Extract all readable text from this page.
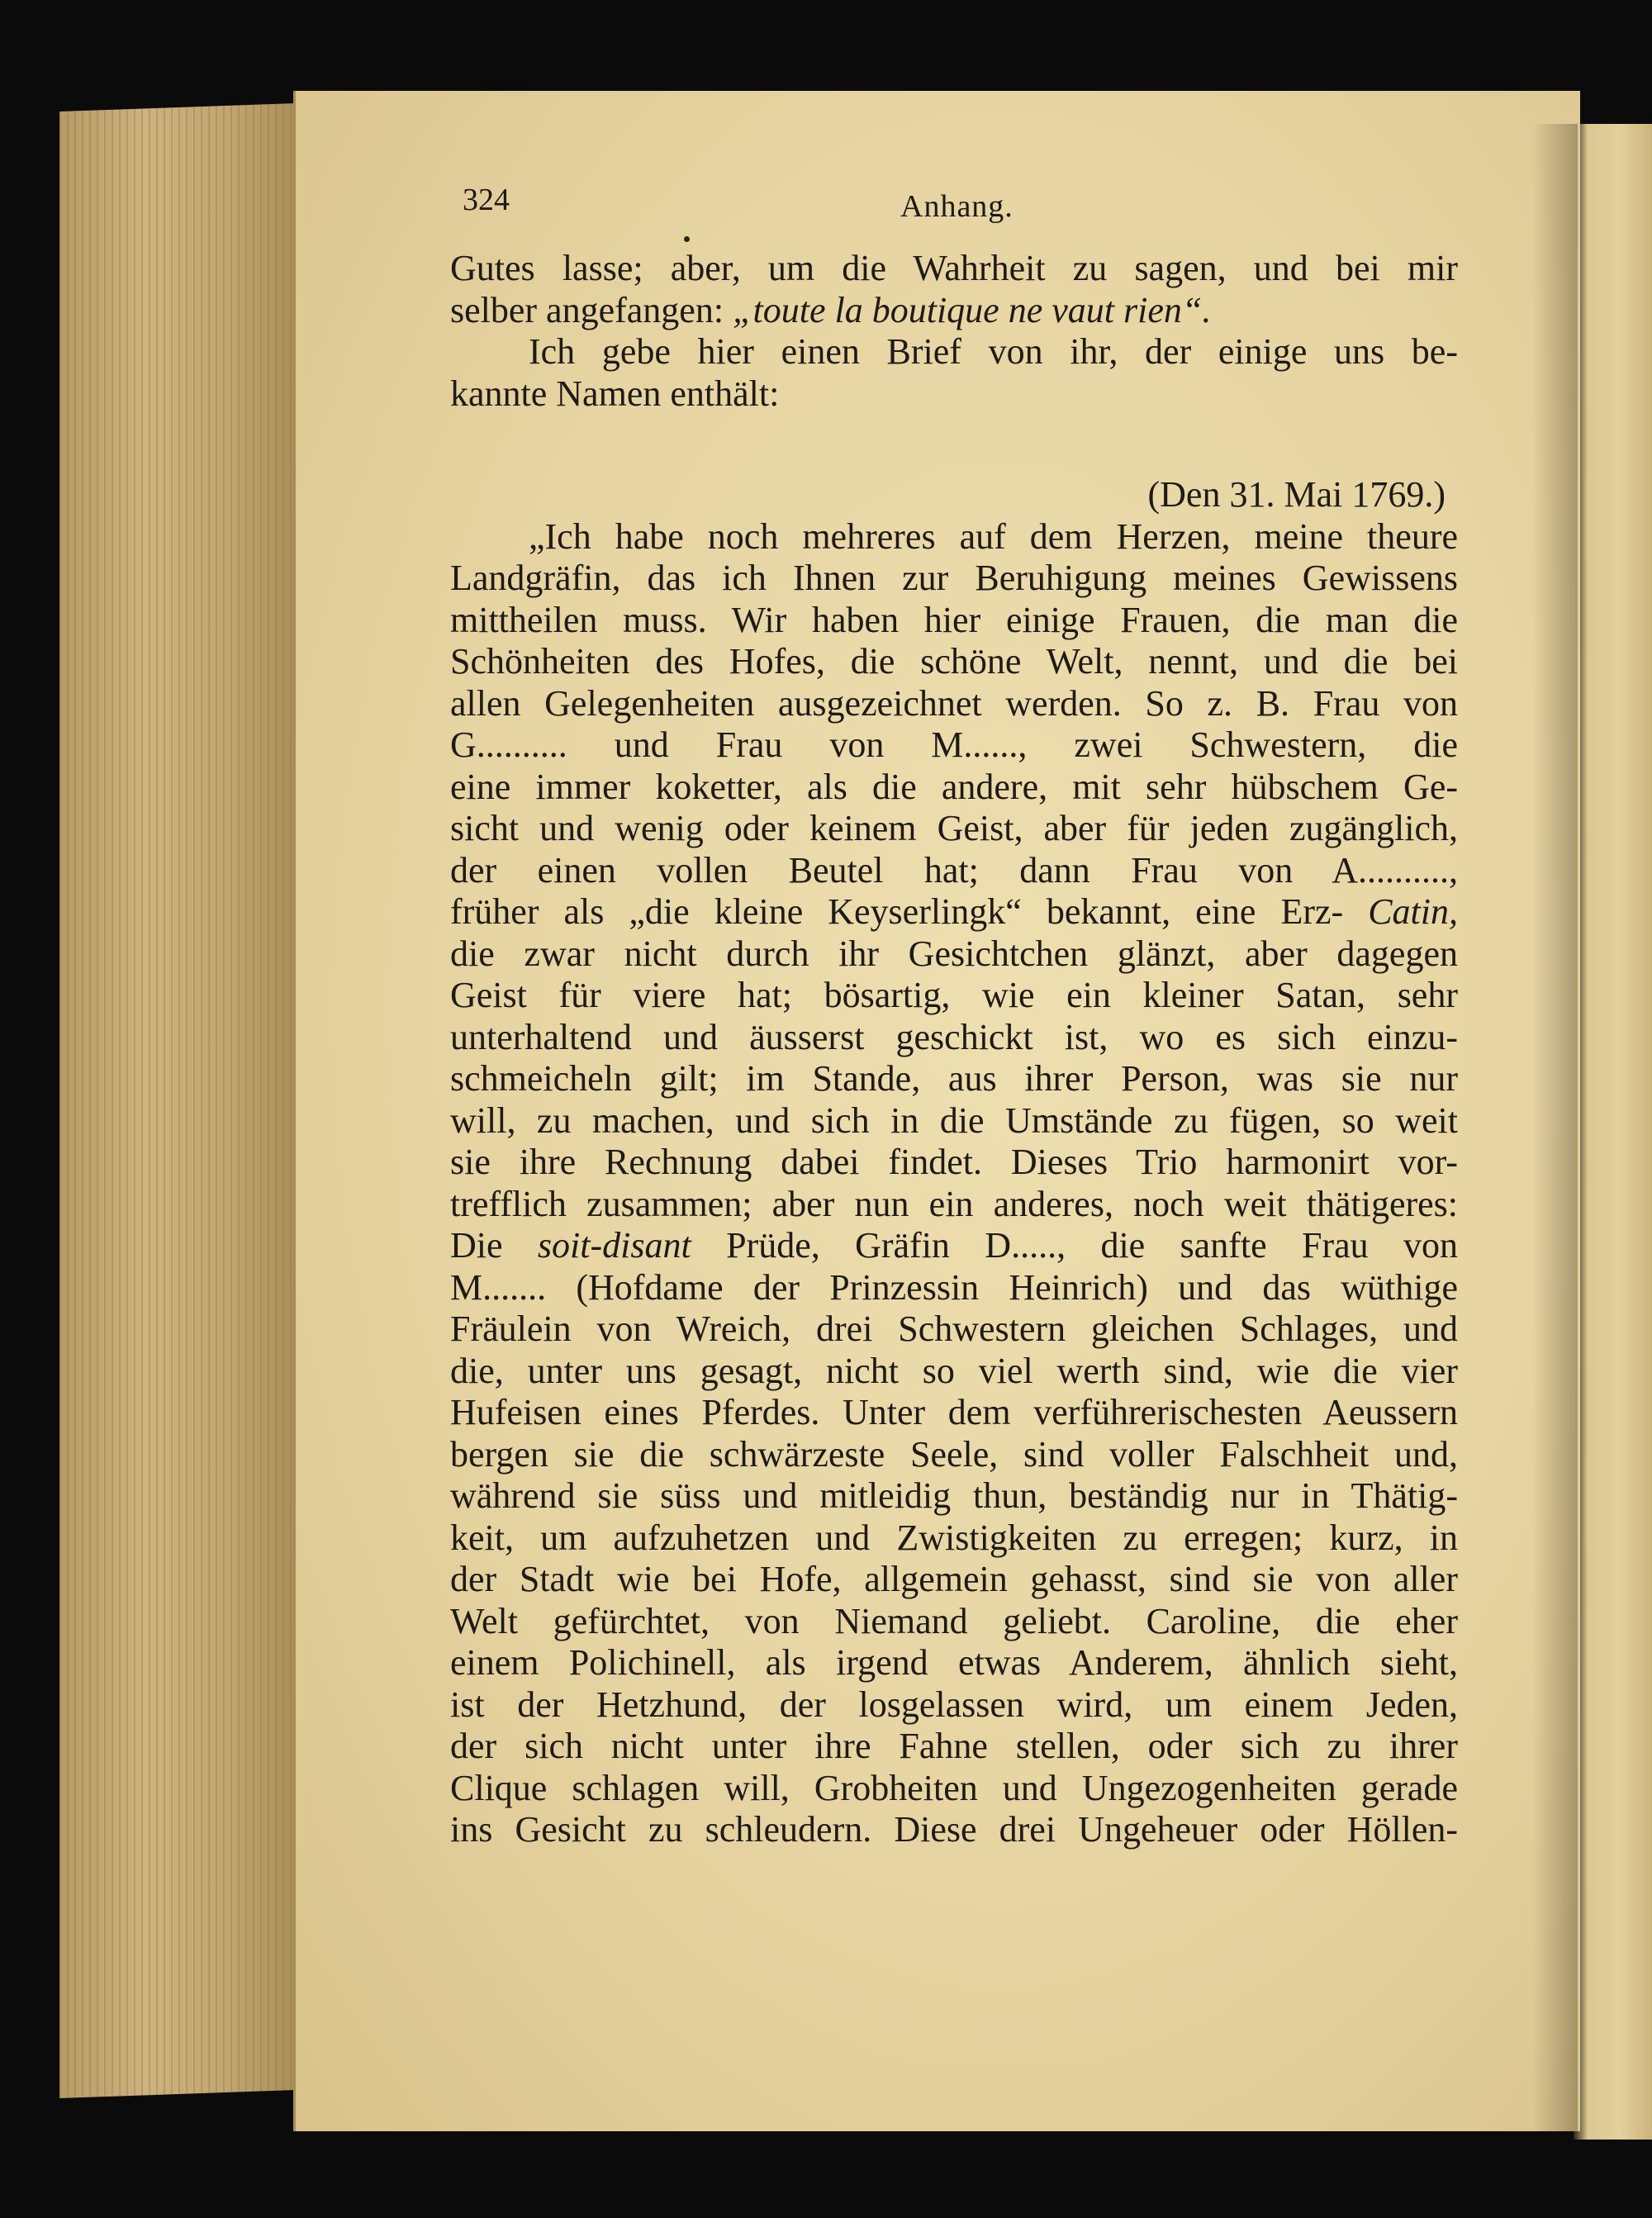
324	Anhang.

Gutes lasse; aber, um die Wahrheit zu sagen, und bei mir
selber angefangen: „toute la boutique ne vaut rien“.

Ich gebe hier einen Brief von ihr, der einige uns be-
kannte Namen enthält:

(Den 31. Mai 1769.)

„Ich habe noch mehreres auf dem Herzen, meine theure
Landgräfin, das ich Ihnen zur Beruhigung meines Gewissens
mittheilen muss. Wir haben hier einige Frauen, die man die
Schönheiten des Hofes, die schöne Welt, nennt, und die bei
allen Gelegenheiten ausgezeichnet werden. So z. B. Frau von
G.......... und Frau von M......, zwei Schwestern, die
eine immer koketter, als die andere, mit sehr hübschem Ge-
sicht und wenig oder keinem Geist, aber für jeden zugänglich,
der einen vollen Beutel hat; dann Frau von A..........,
früher als „die kleine Keyserlingk“ bekannt, eine Erz- Catin,
die zwar nicht durch ihr Gesichtchen glänzt, aber dagegen
Geist für viere hat; bösartig, wie ein kleiner Satan, sehr
unterhaltend und äusserst geschickt ist, wo es sich einzu-
schmeicheln gilt; im Stande, aus ihrer Person, was sie nur
will, zu machen, und sich in die Umstände zu fügen, so weit
sie ihre Rechnung dabei findet. Dieses Trio harmonirt vor-
trefflich zusammen; aber nun ein anderes, noch weit thätigeres:
Die soit-disant Prüde, Gräfin D....., die sanfte Frau von
M....... (Hofdame der Prinzessin Heinrich) und das wüthige
Fräulein von Wreich, drei Schwestern gleichen Schlages, und
die, unter uns gesagt, nicht so viel werth sind, wie die vier
Hufeisen eines Pferdes. Unter dem verführerischesten Aeussern
bergen sie die schwärzeste Seele, sind voller Falschheit und,
während sie süss und mitleidig thun, beständig nur in Thätig-
keit, um aufzuhetzen und Zwistigkeiten zu erregen; kurz, in
der Stadt wie bei Hofe, allgemein gehasst, sind sie von aller
Welt gefürchtet, von Niemand geliebt. Caroline, die eher
einem Polichinell, als irgend etwas Anderem, ähnlich sieht,
ist der Hetzhund, der losgelassen wird, um einem Jeden,
der sich nicht unter ihre Fahne stellen, oder sich zu ihrer
Clique schlagen will, Grobheiten und Ungezogenheiten gerade
ins Gesicht zu schleudern. Diese drei Ungeheuer oder Höllen-
